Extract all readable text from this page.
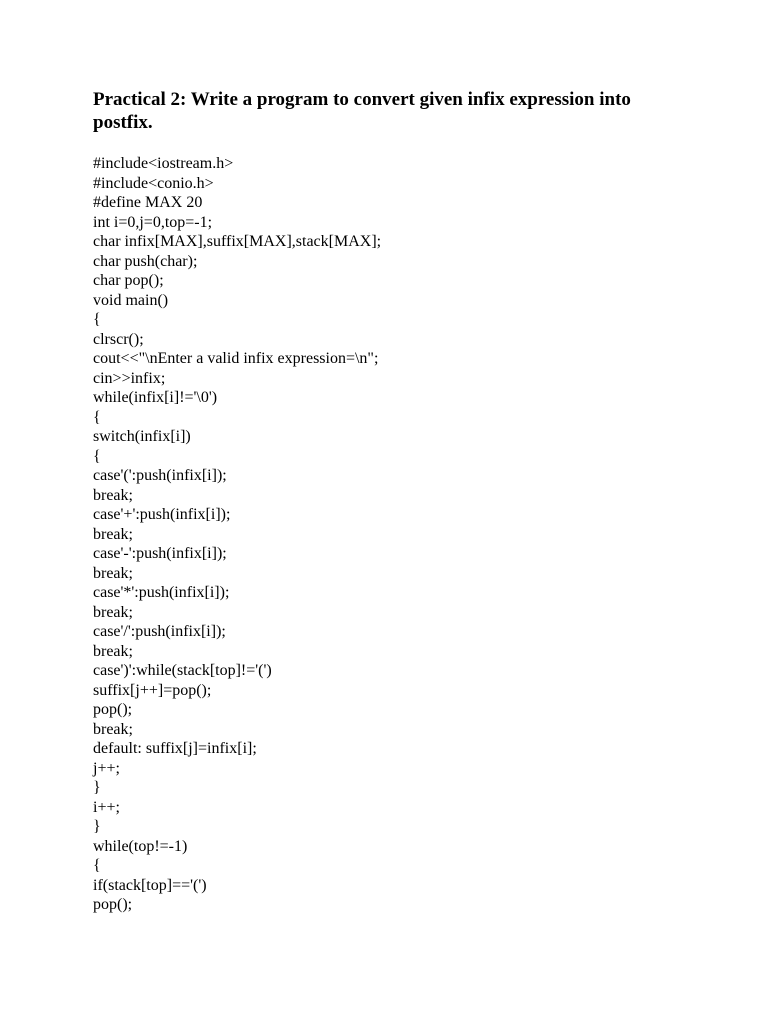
Practical 2: Write a program to convert given infix expression into postfix.
#include<iostream.h>
#include<conio.h>
#define MAX 20
int i=0,j=0,top=-1;
char infix[MAX],suffix[MAX],stack[MAX];
char push(char);
char pop();
void main()
{
clrscr();
cout<<"\nEnter a valid infix expression=\n";
cin>>infix;
while(infix[i]!='\0')
{
switch(infix[i])
{
case'(':push(infix[i]);
break;
case'+':push(infix[i]);
break;
case'-':push(infix[i]);
break;
case'*':push(infix[i]);
break;
case'/':push(infix[i]);
break;
case')':while(stack[top]!='(')
suffix[j++]=pop();
pop();
break;
default: suffix[j]=infix[i];
j++;
}
i++;
}
while(top!=-1)
{
if(stack[top]=='(')
pop();
